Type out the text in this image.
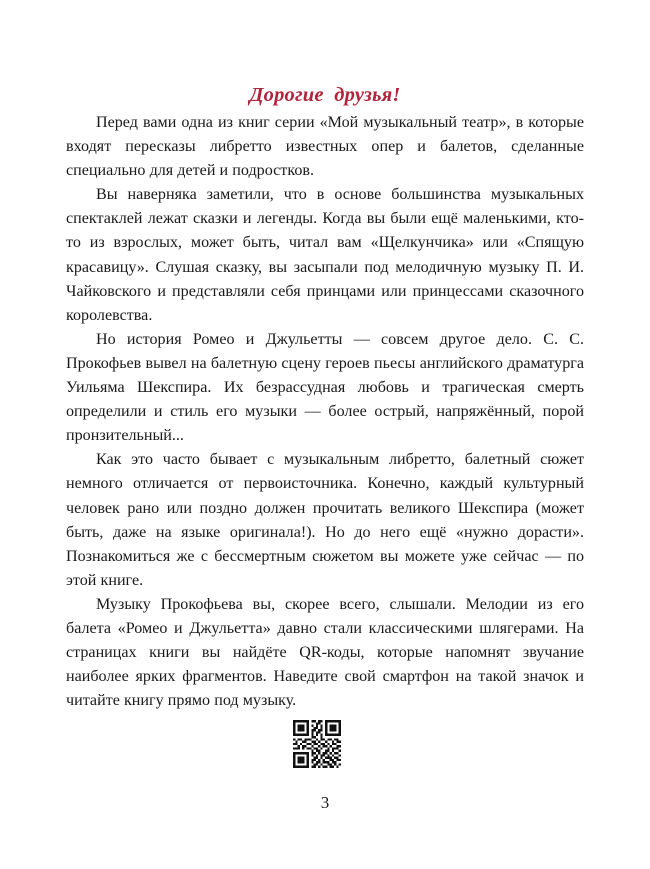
Дорогие  друзья!

Перед вами одна из книг серии «Мой музыкальный театр», в которые входят пересказы либретто известных опер и балетов, сделанные специально для детей и подростков.

Вы наверняка заметили, что в основе большинства музыкальных спектаклей лежат сказки и легенды. Когда вы были ещё маленькими, кто-то из взрослых, может быть, читал вам «Щелкунчика» или «Спящую красавицу». Слушая сказку, вы засыпали под мелодичную музыку П. И. Чайковского и представляли себя принцами или принцессами сказочного королевства.

Но история Ромео и Джульетты — совсем другое дело. С. С. Прокофьев вывел на балетную сцену героев пьесы английского драматурга Уильяма Шекспира. Их безрассудная любовь и трагическая смерть определили и стиль его музыки — более острый, напряжённый, порой пронзительный...

Как это часто бывает с музыкальным либретто, балетный сюжет немного отличается от первоисточника. Конечно, каждый культурный человек рано или поздно должен прочитать великого Шекспира (может быть, даже на языке оригинала!). Но до него ещё «нужно дорасти». Познакомиться же с бессмертным сюжетом вы можете уже сейчас — по этой книге.

Музыку Прокофьева вы, скорее всего, слышали. Мелодии из его балета «Ромео и Джульетта» давно стали классическими шлягерами. На страницах книги вы найдёте QR-коды, которые напомнят звучание наиболее ярких фрагментов. Наведите свой смартфон на такой значок и читайте книгу прямо под музыку.

3
